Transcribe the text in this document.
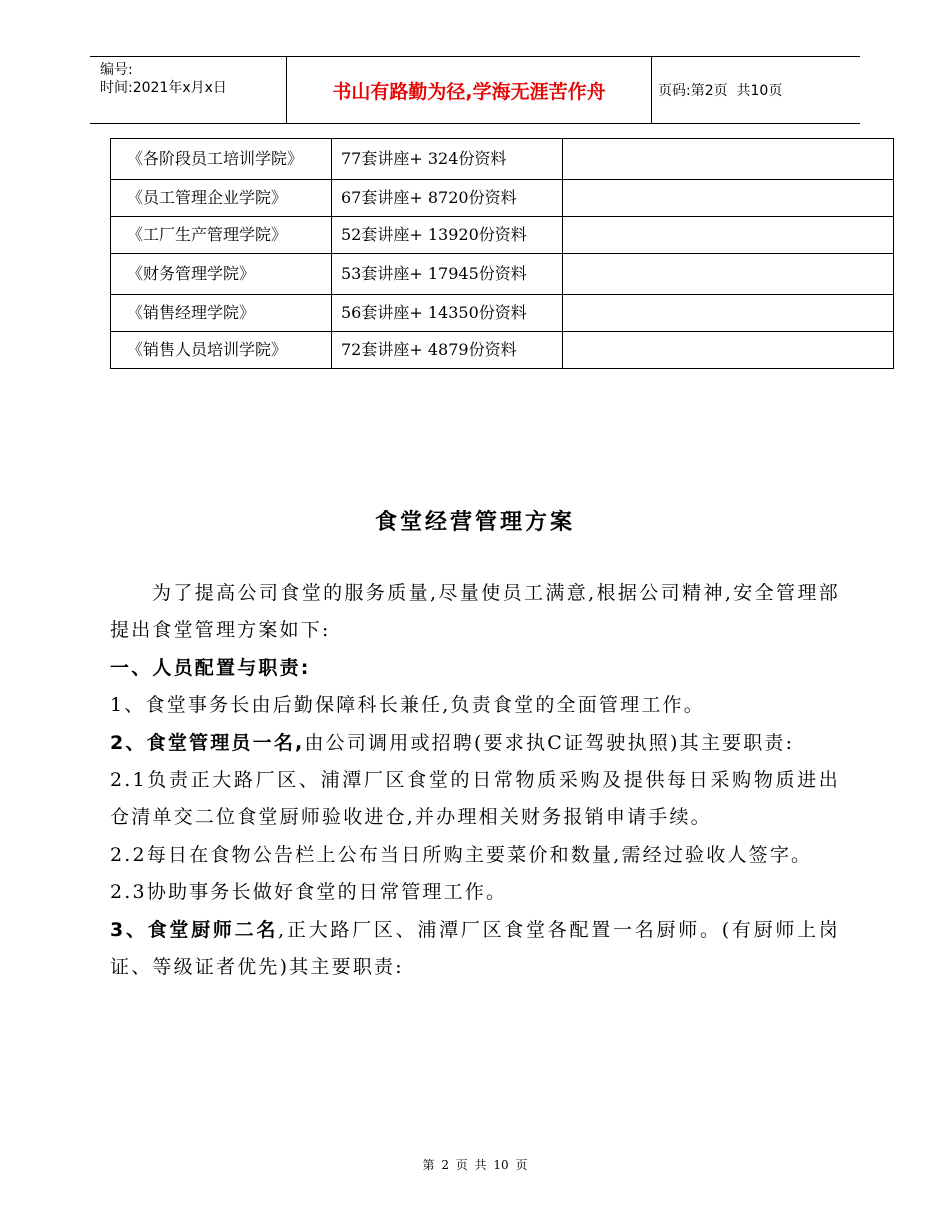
编号:
时间:2021年x月x日	书山有路勤为径,学海无涯苦作舟	页码:第2页  共10页
《各阶段员工培训学院》	77套讲座+ 324份资料	
《员工管理企业学院》	67套讲座+ 8720份资料	
《工厂生产管理学院》	52套讲座+ 13920份资料	
《财务管理学院》	53套讲座+ 17945份资料	
《销售经理学院》	56套讲座+ 14350份资料	
《销售人员培训学院》	72套讲座+ 4879份资料	
食堂经营管理方案

为了提高公司食堂的服务质量,尽量使员工满意,根据公司精神,安全管理部提出食堂管理方案如下:

一、人员配置与职责:

1、食堂事务长由后勤保障科长兼任,负责食堂的全面管理工作。

2、食堂管理员一名,由公司调用或招聘(要求执C证驾驶执照)其主要职责:

2.1负责正大路厂区、浦潭厂区食堂的日常物质采购及提供每日采购物质进出仓清单交二位食堂厨师验收进仓,并办理相关财务报销申请手续。

2.2每日在食物公告栏上公布当日所购主要菜价和数量,需经过验收人签字。

2.3协助事务长做好食堂的日常管理工作。

3、食堂厨师二名,正大路厂区、浦潭厂区食堂各配置一名厨师。(有厨师上岗证、等级证者优先)其主要职责:

第 2 页 共 10 页
